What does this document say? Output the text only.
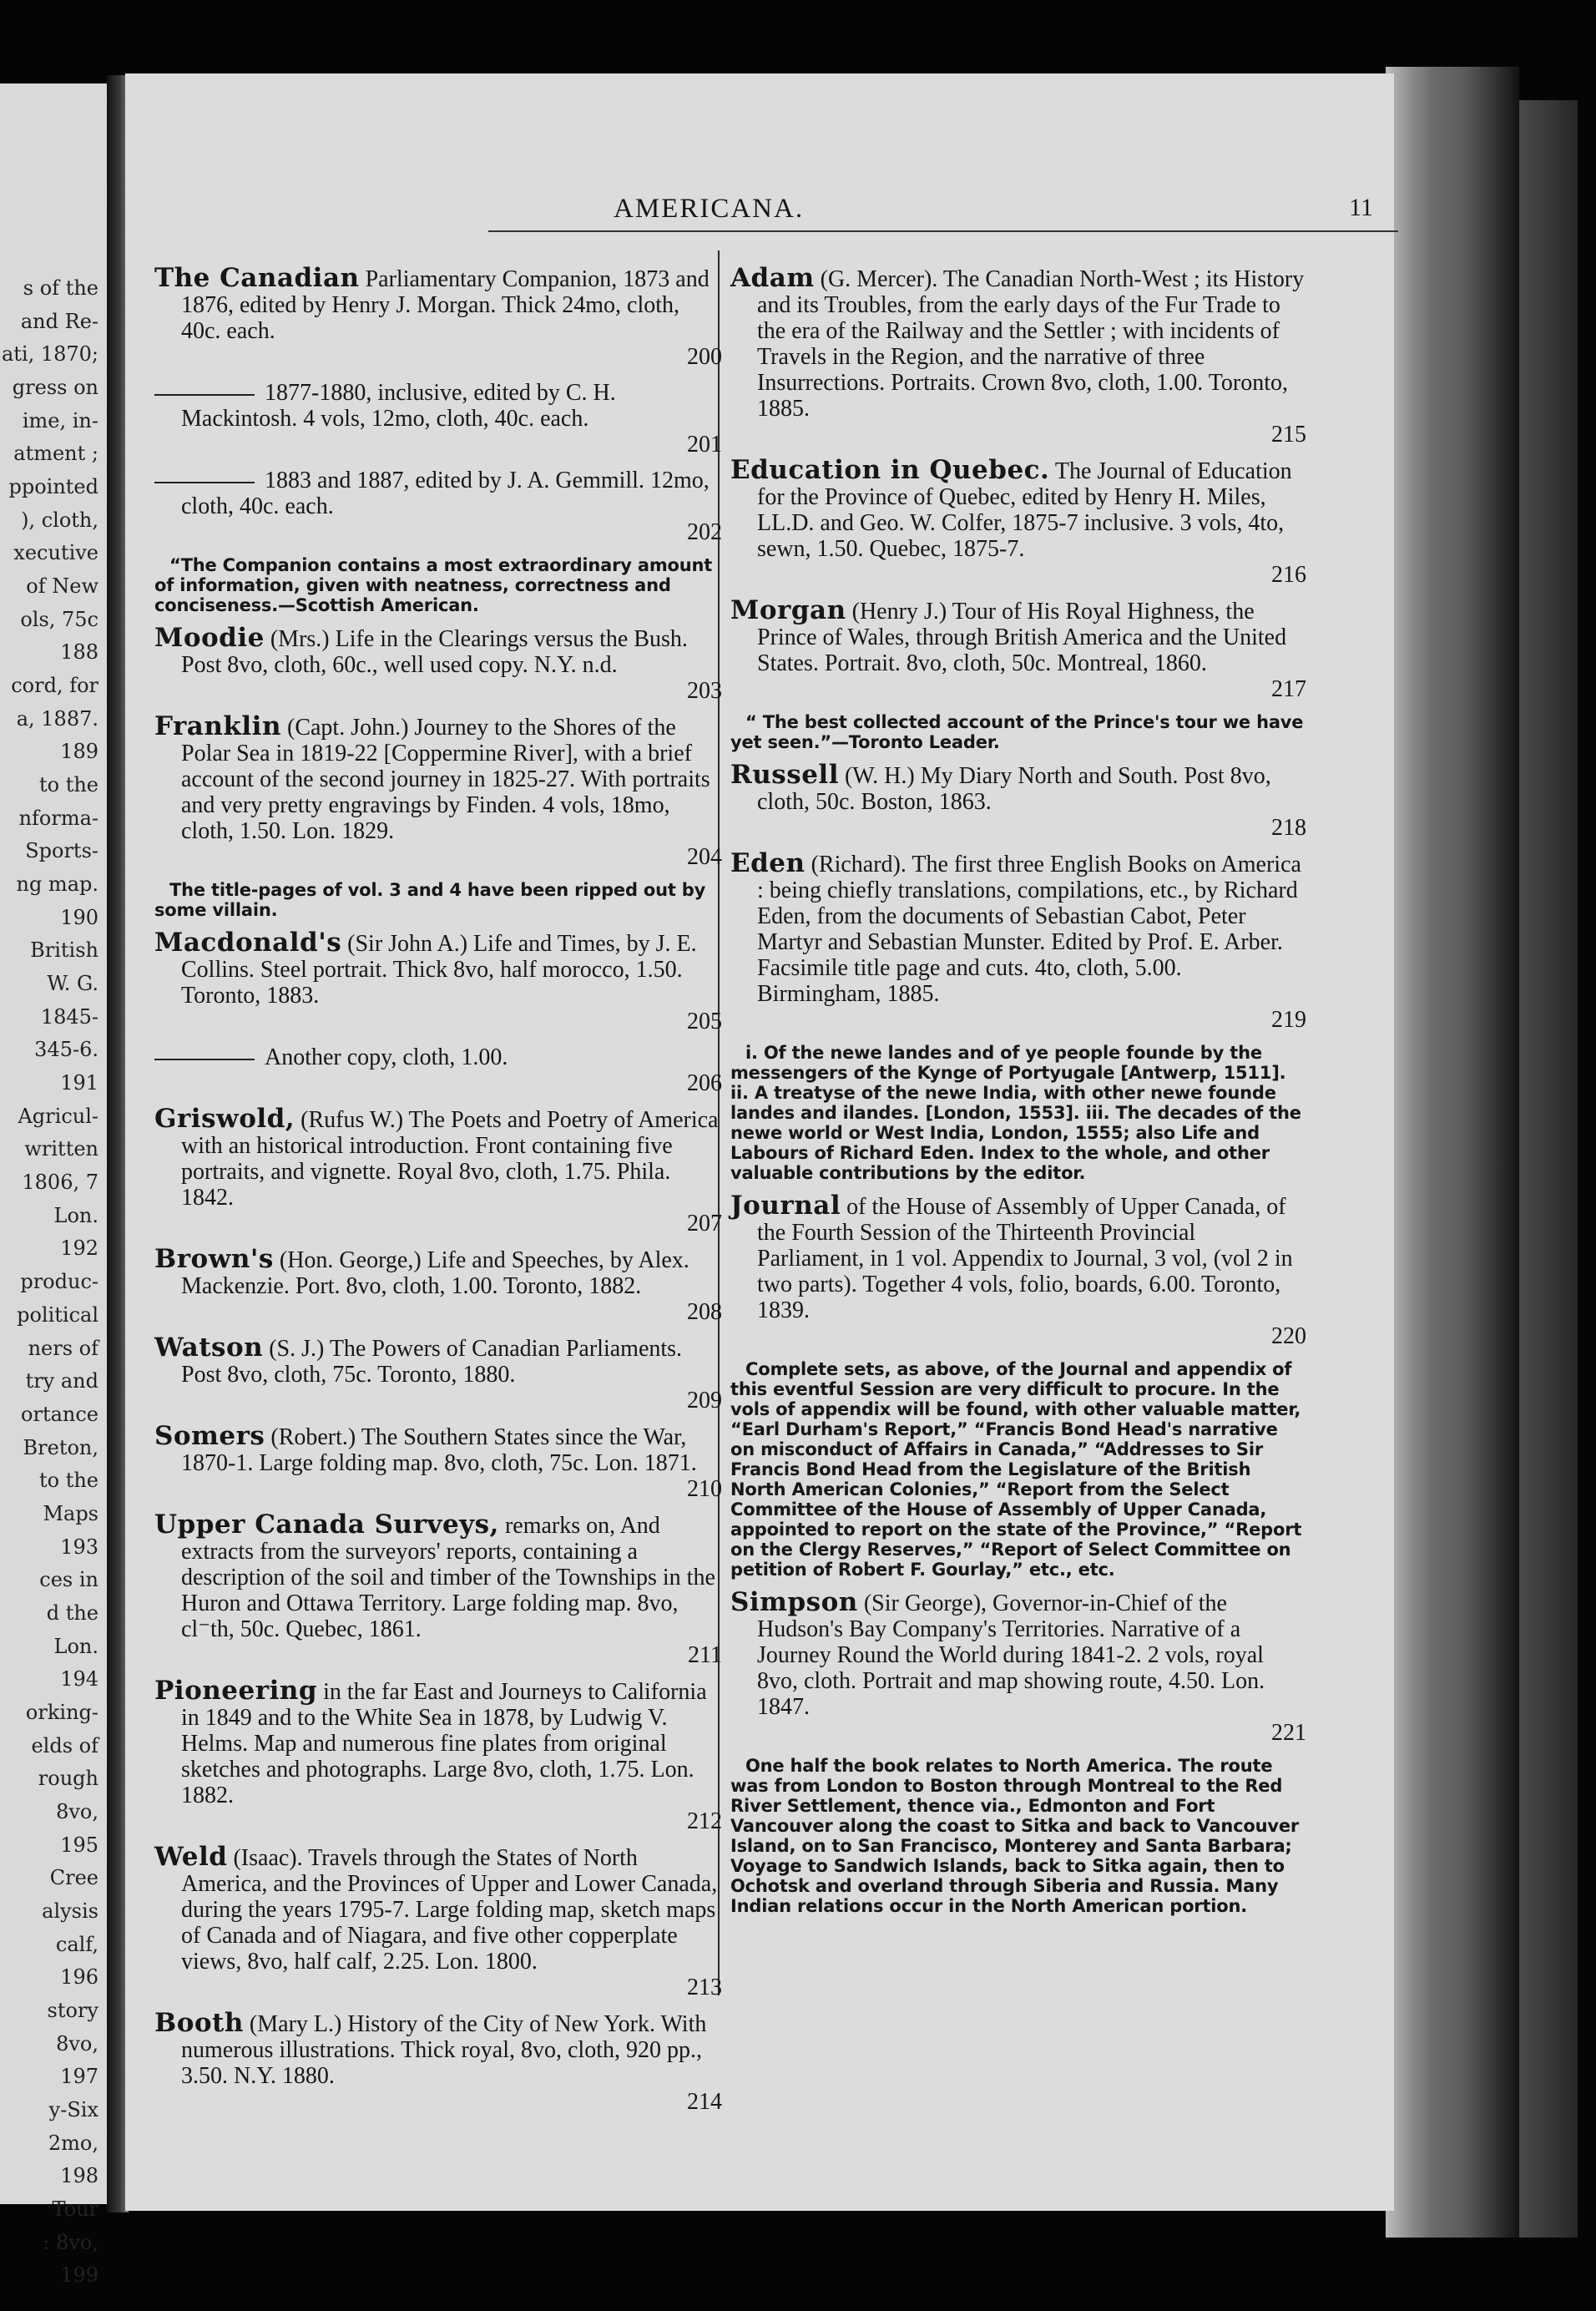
s of the
and Re-
ati, 1870;
gress on
ime, in-
atment ;
ppointed
), cloth,
xecutive
of New
ols, 75c
188
cord, for
a, 1887.
189
to the
nforma-
Sports-
ng map.
190
British
W. G.
1845-
345-6.
191
Agricul-
written
1806, 7
Lon.
192
produc-
political
ners of
try and
ortance
Breton,
to the
Maps
193
ces in
d the
Lon.
194
orking-
elds of
rough
8vo,
195
Cree
alysis
calf,
196
story
8vo,
197
y-Six
2mo,
198
Tour
: 8vo,
199
AMERICANA.	11
The Canadian Parliamentary Companion, 1873 and 1876, edited by Henry J. Morgan. Thick 24mo, cloth, 40c. each.
200
1877-1880, inclusive, edited by C. H. Mackintosh. 4 vols, 12mo, cloth, 40c. each.
201
1883 and 1887, edited by J. A. Gemmill. 12mo, cloth, 40c. each.
202
“The Companion contains a most extraordinary amount of information, given with neatness, correctness and conciseness.—Scottish American.
Moodie (Mrs.) Life in the Clearings versus the Bush. Post 8vo, cloth, 60c., well used copy. N.Y. n.d.
203
Franklin (Capt. John.) Journey to the Shores of the Polar Sea in 1819-22 [Coppermine River], with a brief account of the second journey in 1825-27. With portraits and very pretty engravings by Finden. 4 vols, 18mo, cloth, 1.50. Lon. 1829.
204
The title-pages of vol. 3 and 4 have been ripped out by some villain.
Macdonald's (Sir John A.) Life and Times, by J. E. Collins. Steel portrait. Thick 8vo, half morocco, 1.50. Toronto, 1883.
205
Another copy, cloth, 1.00.
206
Griswold, (Rufus W.) The Poets and Poetry of America with an historical introduction. Front containing five portraits, and vignette. Royal 8vo, cloth, 1.75. Phila. 1842.
207
Brown's (Hon. George,) Life and Speeches, by Alex. Mackenzie. Port. 8vo, cloth, 1.00. Toronto, 1882.
208
Watson (S. J.) The Powers of Canadian Parliaments. Post 8vo, cloth, 75c. Toronto, 1880.
209
Somers (Robert.) The Southern States since the War, 1870-1. Large folding map. 8vo, cloth, 75c. Lon. 1871.
210
Upper Canada Surveys, remarks on, And extracts from the surveyors' reports, containing a description of the soil and timber of the Townships in the Huron and Ottawa Territory. Large folding map. 8vo, cl⁻th, 50c. Quebec, 1861.
211
Pioneering in the far East and Journeys to California in 1849 and to the White Sea in 1878, by Ludwig V. Helms. Map and numerous fine plates from original sketches and photographs. Large 8vo, cloth, 1.75. Lon. 1882.
212
Weld (Isaac). Travels through the States of North America, and the Provinces of Upper and Lower Canada, during the years 1795-7. Large folding map, sketch maps of Canada and of Niagara, and five other copperplate views, 8vo, half calf, 2.25. Lon. 1800.
213
Booth (Mary L.) History of the City of New York. With numerous illustrations. Thick royal, 8vo, cloth, 920 pp., 3.50. N.Y. 1880.
214
Adam (G. Mercer). The Canadian North-West ; its History and its Troubles, from the early days of the Fur Trade to the era of the Railway and the Settler ; with incidents of Travels in the Region, and the narrative of three Insurrections. Portraits. Crown 8vo, cloth, 1.00. Toronto, 1885.
215
Education in Quebec. The Journal of Education for the Province of Quebec, edited by Henry H. Miles, LL.D. and Geo. W. Colfer, 1875-7 inclusive. 3 vols, 4to, sewn, 1.50. Quebec, 1875-7.
216
Morgan (Henry J.) Tour of His Royal Highness, the Prince of Wales, through British America and the United States. Portrait. 8vo, cloth, 50c. Montreal, 1860.
217
“ The best collected account of the Prince's tour we have yet seen.”—Toronto Leader.
Russell (W. H.) My Diary North and South. Post 8vo, cloth, 50c. Boston, 1863.
218
Eden (Richard). The first three English Books on America : being chiefly translations, compilations, etc., by Richard Eden, from the documents of Sebastian Cabot, Peter Martyr and Sebastian Munster. Edited by Prof. E. Arber. Facsimile title page and cuts. 4to, cloth, 5.00. Birmingham, 1885.
219
i. Of the newe landes and of ye people founde by the messengers of the Kynge of Portyugale [Antwerp, 1511]. ii. A treatyse of the newe India, with other newe founde landes and ilandes. [London, 1553]. iii. The decades of the newe world or West India, London, 1555; also Life and Labours of Richard Eden. Index to the whole, and other valuable contributions by the editor.
Journal of the House of Assembly of Upper Canada, of the Fourth Session of the Thirteenth Provincial Parliament, in 1 vol. Appendix to Journal, 3 vol, (vol 2 in two parts). Together 4 vols, folio, boards, 6.00. Toronto, 1839.
220
Complete sets, as above, of the Journal and appendix of this eventful Session are very difficult to procure. In the vols of appendix will be found, with other valuable matter, “Earl Durham's Report,” “Francis Bond Head's narrative on misconduct of Affairs in Canada,” “Addresses to Sir Francis Bond Head from the Legislature of the British North American Colonies,” “Report from the Select Committee of the House of Assembly of Upper Canada, appointed to report on the state of the Province,” “Report on the Clergy Reserves,” “Report of Select Committee on petition of Robert F. Gourlay,” etc., etc.
Simpson (Sir George), Governor-in-Chief of the Hudson's Bay Company's Territories. Narrative of a Journey Round the World during 1841-2. 2 vols, royal 8vo, cloth. Portrait and map showing route, 4.50. Lon. 1847.
221
One half the book relates to North America. The route was from London to Boston through Montreal to the Red River Settlement, thence via., Edmonton and Fort Vancouver along the coast to Sitka and back to Vancouver Island, on to San Francisco, Monterey and Santa Barbara; Voyage to Sandwich Islands, back to Sitka again, then to Ochotsk and overland through Siberia and Russia. Many Indian relations occur in the North American portion.
